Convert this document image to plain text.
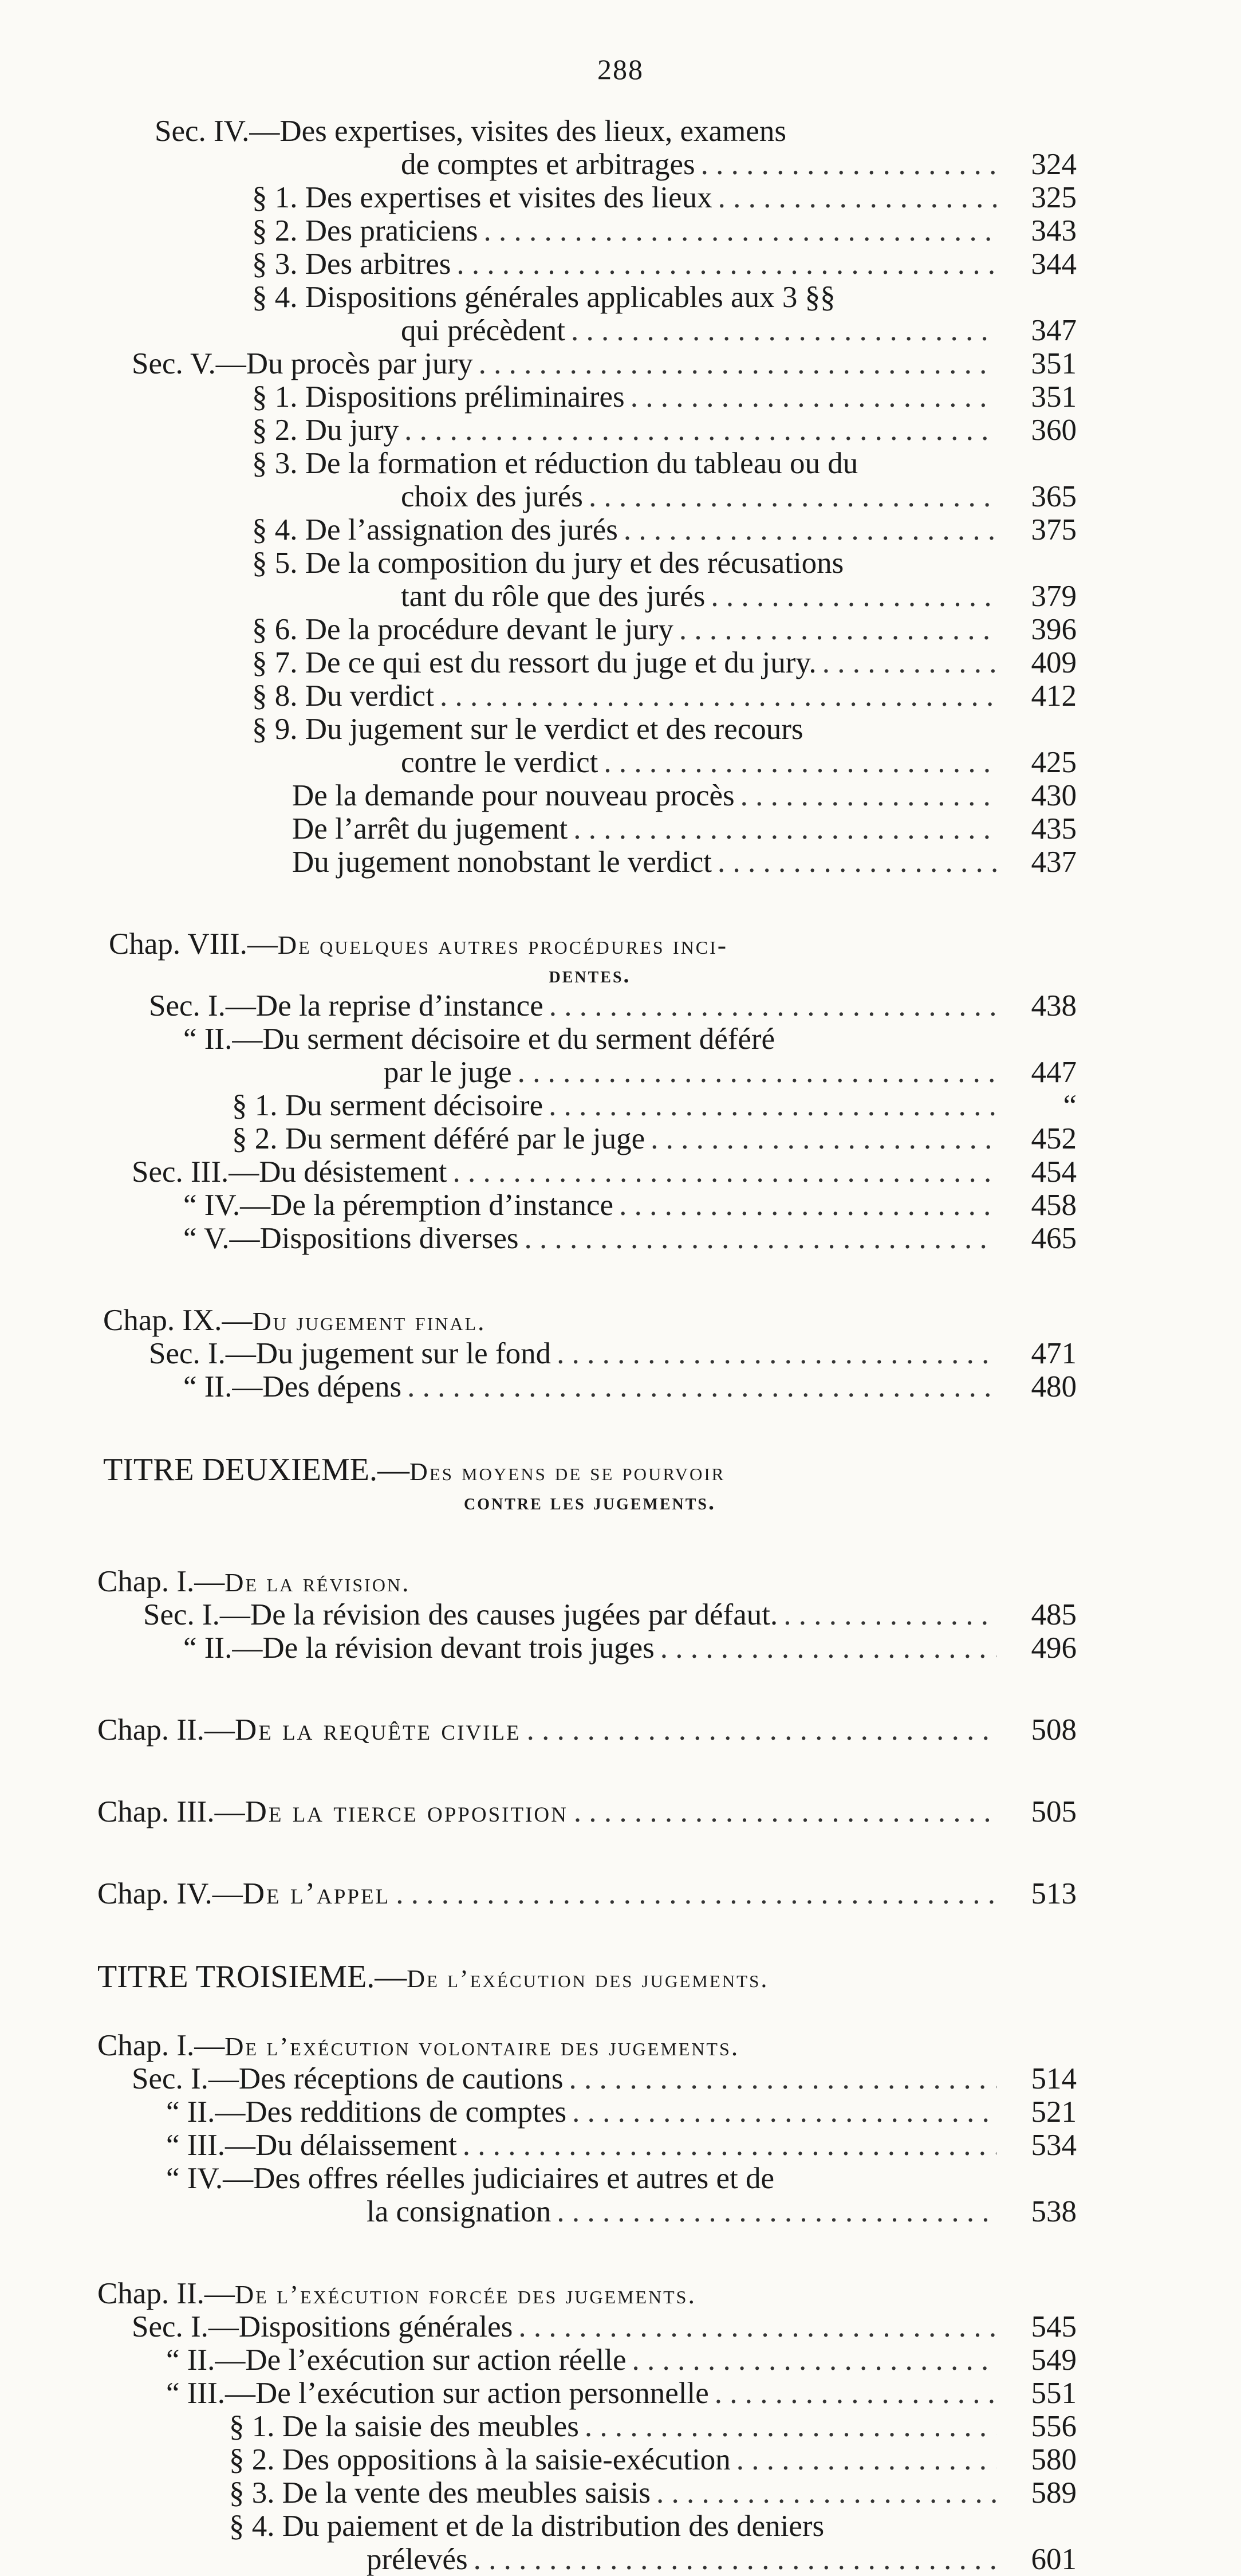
288
Sec. IV.—Des expertises, visites des lieux, examens
de comptes et arbitrages . . .	324
§ 1. Des expertises et visites des lieux . . .	325
§ 2. Des praticiens . . .	343
§ 3. Des arbitres . . .	344
§ 4. Dispositions générales applicables aux 3 §§
qui précèdent . . .	347
Sec. V.—Du procès par jury . . .	351
§ 1. Dispositions préliminaires . . .	351
§ 2. Du jury . . .	360
§ 3. De la formation et réduction du tableau ou du
choix des jurés . . .	365
§ 4. De l’assignation des jurés . . .	375
§ 5. De la composition du jury et des récusations
tant du rôle que des jurés . . .	379
§ 6. De la procédure devant le jury . . .	396
§ 7. De ce qui est du ressort du juge et du jury. . . .	409
§ 8. Du verdict . . .	412
§ 9. Du jugement sur le verdict et des recours
contre le verdict . . .	425
De la demande pour nouveau procès . . .	430
De l’arrêt du jugement . . .	435
Du jugement nonobstant le verdict . . .	437
Chap. VIII.—De quelques autres procédures inci-
dentes.
Sec. I.—De la reprise d’instance . . .	438
“ II.—Du serment décisoire et du serment déféré
par le juge . . .	447
§ 1. Du serment décisoire . . .	“
§ 2. Du serment déféré par le juge . . .	452
Sec. III.—Du désistement . . .	454
“ IV.—De la péremption d’instance . . .	458
“ V.—Dispositions diverses . . .	465
Chap. IX.—Du jugement final.
Sec. I.—Du jugement sur le fond . . .	471
“ II.—Des dépens . . .	480
TITRE DEUXIEME.—Des moyens de se pourvoir
contre les jugements.
Chap. I.—De la révision.
Sec. I.—De la révision des causes jugées par défaut. . . .	485
“ II.—De la révision devant trois juges . . .	496
Chap. II.—De la requête civile . . .	508
Chap. III.—De la tierce opposition . . .	505
Chap. IV.—De l’appel . . .	513
TITRE TROISIEME.—De l’exécution des jugements.
Chap. I.—De l’exécution volontaire des jugements.
Sec. I.—Des réceptions de cautions . . .	514
“ II.—Des redditions de comptes . . .	521
“ III.—Du délaissement . . .	534
“ IV.—Des offres réelles judiciaires et autres et de
la consignation . . .	538
Chap. II.—De l’exécution forcée des jugements.
Sec. I.—Dispositions générales . . .	545
“ II.—De l’exécution sur action réelle . . .	549
“ III.—De l’exécution sur action personnelle . . .	551
§ 1. De la saisie des meubles . . .	556
§ 2. Des oppositions à la saisie-exécution . . .	580
§ 3. De la vente des meubles saisis . . .	589
§ 4. Du paiement et de la distribution des deniers
prélevés . . .	601
